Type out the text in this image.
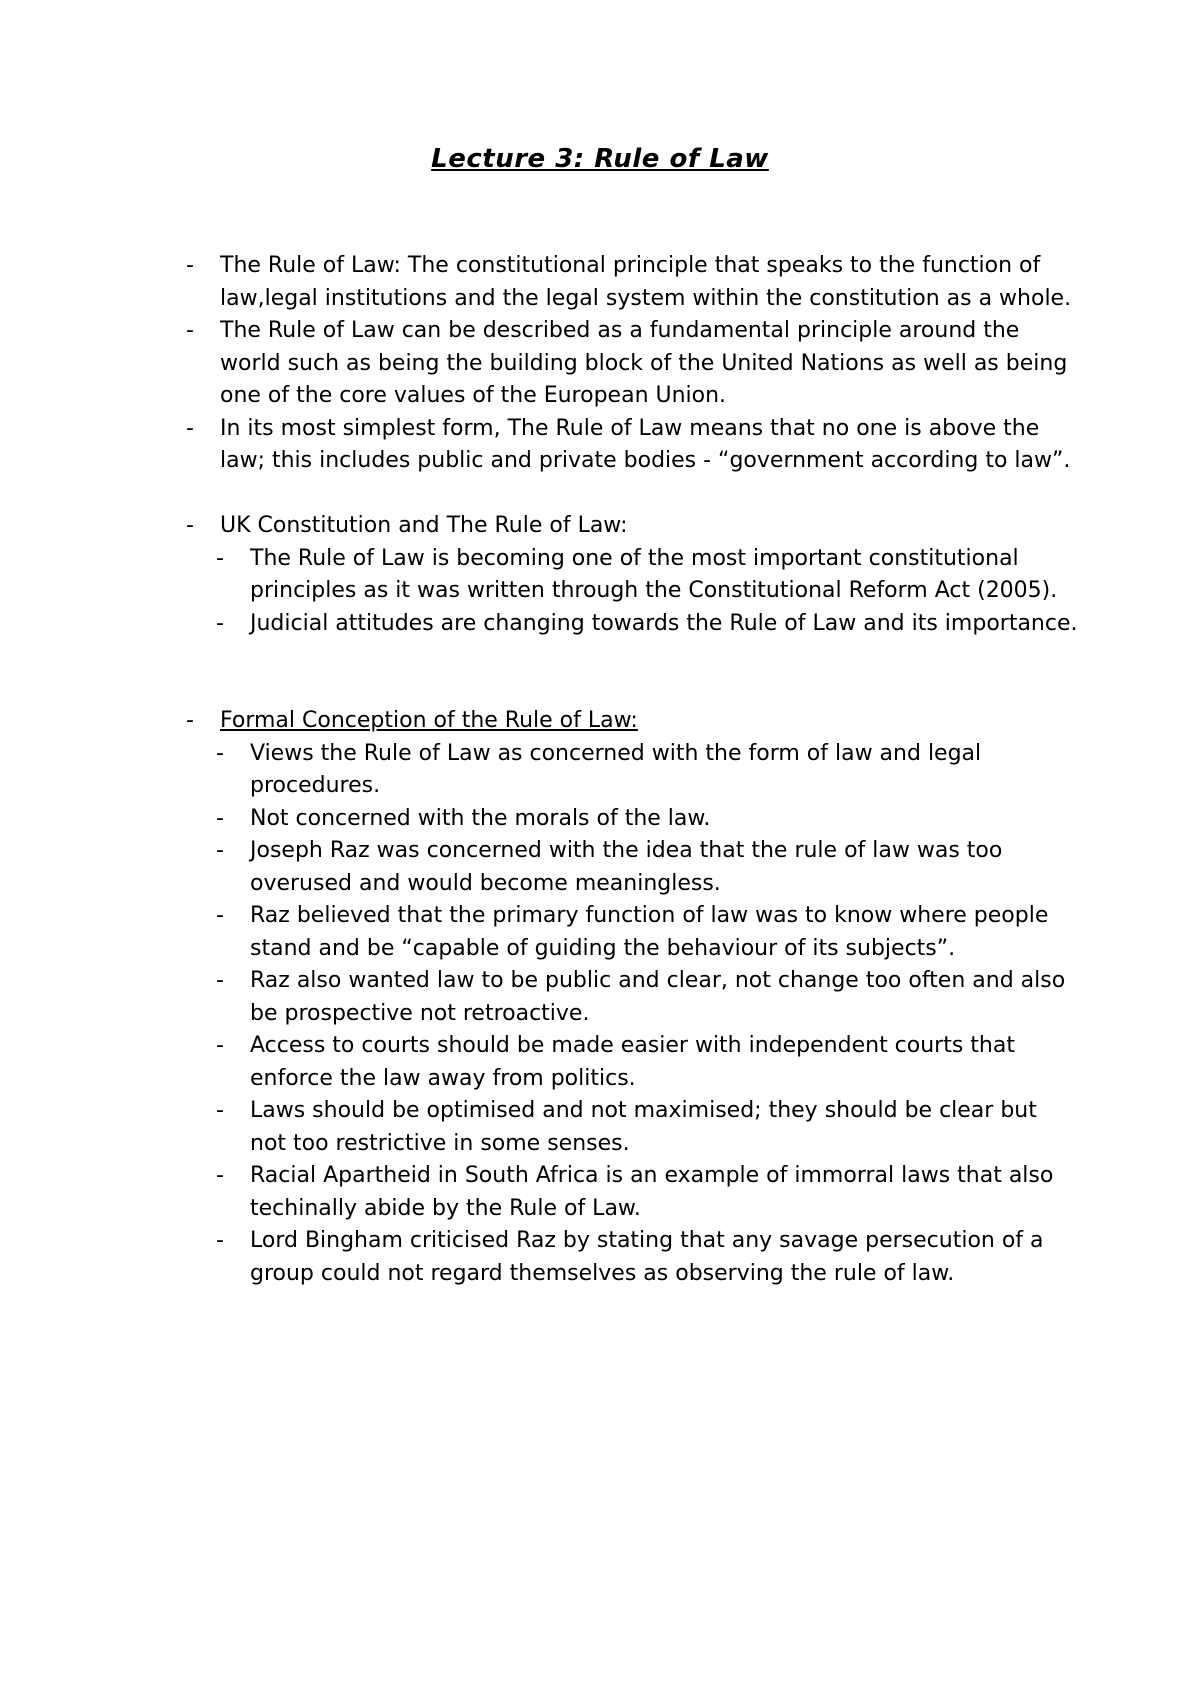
Lecture 3: Rule of Law
- The Rule of Law: The constitutional principle that speaks to the function of law,legal institutions and the legal system within the constitution as a whole.
- The Rule of Law can be described as a fundamental principle around the world such as being the building block of the United Nations as well as being one of the core values of the European Union.
- In its most simplest form, The Rule of Law means that no one is above the law; this includes public and private bodies - “government according to law”.
- UK Constitution and The Rule of Law:
- The Rule of Law is becoming one of the most important constitutional principles as it was written through the Constitutional Reform Act (2005).
- Judicial attitudes are changing towards the Rule of Law and its importance.
- Formal Conception of the Rule of Law:
- Views the Rule of Law as concerned with the form of law and legal procedures.
- Not concerned with the morals of the law.
- Joseph Raz was concerned with the idea that the rule of law was too overused and would become meaningless.
- Raz believed that the primary function of law was to know where people stand and be “capable of guiding the behaviour of its subjects”.
- Raz also wanted law to be public and clear, not change too often and also be prospective not retroactive.
- Access to courts should be made easier with independent courts that enforce the law away from politics.
- Laws should be optimised and not maximised; they should be clear but not too restrictive in some senses.
- Racial Apartheid in South Africa is an example of immorral laws that also techinally abide by the Rule of Law.
- Lord Bingham criticised Raz by stating that any savage persecution of a group could not regard themselves as observing the rule of law.
